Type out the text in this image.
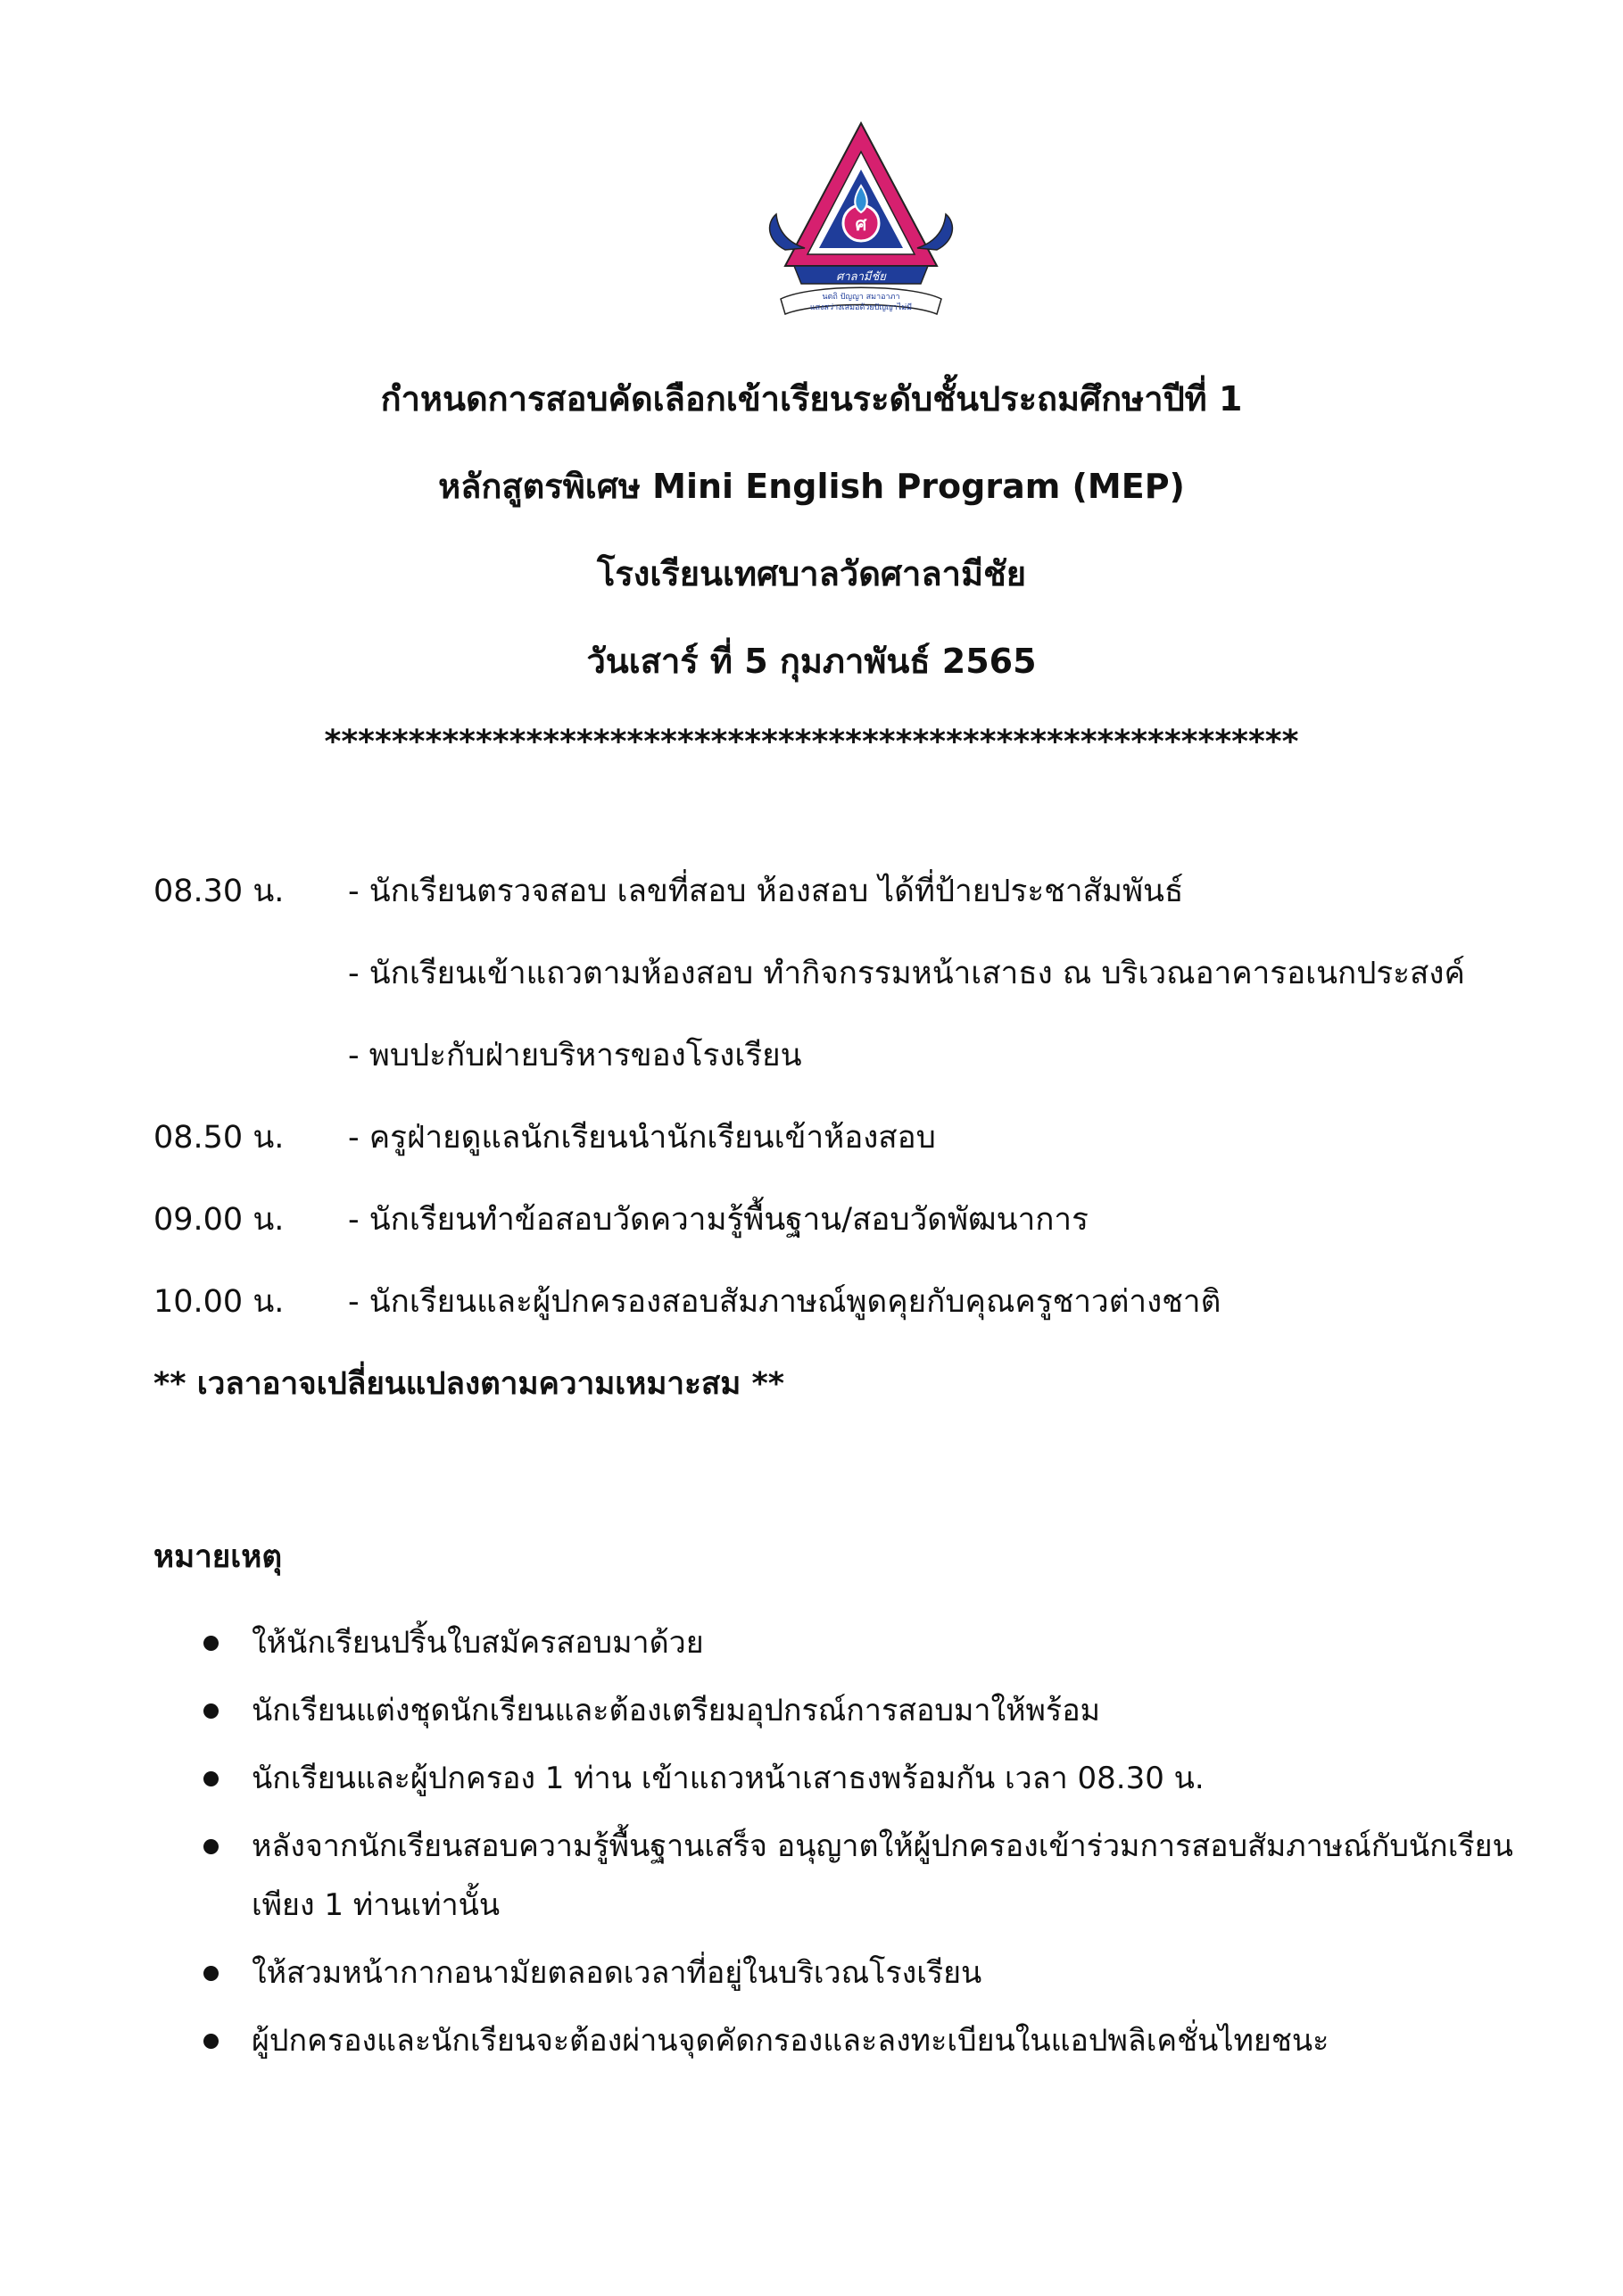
ศ
ศาลามีชัย
นตถิ ปัญญา สมาอาภา
แสงสว่างเสมอด้วยปัญญาไม่มี
กำหนดการสอบคัดเลือกเข้าเรียนระดับชั้นประถมศึกษาปีที่ 1
หลักสูตรพิเศษ Mini English Program (MEP)
โรงเรียนเทศบาลวัดศาลามีชัย
วันเสาร์ ที่ 5 กุมภาพันธ์ 2565
**********************************************************
08.30 น. - นักเรียนตรวจสอบ เลขที่สอบ ห้องสอบ ได้ที่ป้ายประชาสัมพันธ์
- นักเรียนเข้าแถวตามห้องสอบ ทำกิจกรรมหน้าเสาธง ณ บริเวณอาคารอเนกประสงค์
- พบปะกับฝ่ายบริหารของโรงเรียน
08.50 น. - ครูฝ่ายดูแลนักเรียนนำนักเรียนเข้าห้องสอบ
09.00 น. - นักเรียนทำข้อสอบวัดความรู้พื้นฐาน/สอบวัดพัฒนาการ
10.00 น. - นักเรียนและผู้ปกครองสอบสัมภาษณ์พูดคุยกับคุณครูชาวต่างชาติ
** เวลาอาจเปลี่ยนแปลงตามความเหมาะสม **
หมายเหตุ
ให้นักเรียนปริ้นใบสมัครสอบมาด้วย
นักเรียนแต่งชุดนักเรียนและต้องเตรียมอุปกรณ์การสอบมาให้พร้อม
นักเรียนและผู้ปกครอง 1 ท่าน เข้าแถวหน้าเสาธงพร้อมกัน เวลา 08.30 น.
หลังจากนักเรียนสอบความรู้พื้นฐานเสร็จ อนุญาตให้ผู้ปกครองเข้าร่วมการสอบสัมภาษณ์กับนักเรียน เพียง 1 ท่านเท่านั้น
ให้สวมหน้ากากอนามัยตลอดเวลาที่อยู่ในบริเวณโรงเรียน
ผู้ปกครองและนักเรียนจะต้องผ่านจุดคัดกรองและลงทะเบียนในแอปพลิเคชั่นไทยชนะ
